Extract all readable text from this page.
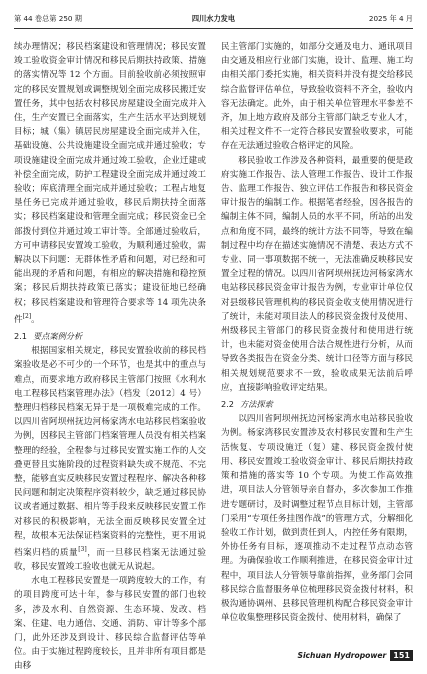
第 44 卷总第 250 期	四川水力发电	2025 年 4 月

续办理情况；移民档案建设和管理情况；移民安置竣工验收资金审计情况和移民后期扶持政策、措施的落实情况等 12 个方面。目前验收前必须按照审定的移民安置规划或调整规划全面完成移民搬迁安置任务，其中包括农村移民房屋建设全面完成并入住，生产安置已全面落实，生产生活水平达到规划目标；城（集）镇居民房屋建设全面完成并入住，基础设施、公共设施建设全面完成并通过验收；专项设施建设全面完成并通过竣工验收，企业迁建或补偿全面完成，防护工程建设全面完成并通过竣工验收；库底清理全面完成并通过验收；工程占地复垦任务已完成并通过验收，移民后期扶持全面落实；移民档案建设和管理全面完成；移民资金已全部拨付到位并通过竣工审计等。全部通过验收后，方可申请移民安置竣工验收，为顺利通过验收，需解决以下问题：无群体性矛盾和问题，对已经和可能出现的矛盾和问题，有相应的解决措施和稳控预案；移民后期扶持政策已落实；建设征地已经确权；移民档案建设和管理符合要求等 14 项先决条件[2]。

2.1 要点案例分析

根据国家相关规定，移民安置验收前的移民档案验收是必不可少的一个环节，也是其中的重点与难点，而要求地方政府移民主管部门按照《水利水电工程移民档案管理办法》（档发〔2012〕4 号）整理归档移民档案无异于是一项极难完成的工作。以四川省阿坝州抚边河杨家湾水电站移民档案验收为例，因移民主管部门档案管理人员没有相关档案整理的经验，全程参与过移民安置实施工作的人交叠更替且实施阶段的过程资料缺失或不规范、不完整，能够直实反映移民安置过程程序、解决各种移民问题和制定决策程序资料较少，缺乏通过移民协议或者通过数据、相片等手段来反映移民安置工作对移民的积极影响，无法全面反映移民安置全过程，故根本无法保证档案资料的完整性，更不用说档案归档的质量[3]，而一旦移民档案无法通过验收，移民安置竣工验收也就无从说起。

水电工程移民安置是一项跨度较大的工作，有的项目跨度可达十年，参与移民安置的部门也较多，涉及水利、自然资源、生态环境、发改、档案、住建、电力通信、交通、消防、审计等多个部门，此外还涉及到设计、移民综合监督评估等单位。由于实施过程跨度较长，且并非所有项目都是由移

民主管部门实施的，如部分交通及电力、通讯项目由交通及相应行业部门实施，设计、监理、施工均由相关部门委托实施，相关资料并没有提交给移民综合监督评估单位，导致验收资料不齐全，验收内容无法确定。此外，由于相关单位管理水平参差不齐，加上地方政府及部分主管部门缺乏专业人才，相关过程文件不一定符合移民安置验收要求，可能存在无法通过验收合格评定的风险。

移民验收工作涉及各种资料，最重要的便是政府实施工作报告、法人管理工作报告、设计工作报告、监理工作报告、独立评估工作报告和移民资金审计报告的编制工作。根据笔者经验，因各报告的编制主体不同，编制人员的水平不同，所站的出发点和角度不同，最终的统计方法不同等，导致在编制过程中均存在描述实施情况不清楚、表达方式不专业、同一事项数据不统一，无法准确反映移民安置全过程的情况。以四川省阿坝州抚边河杨家湾水电站移民移民资金审计报告为例，专业审计单位仅对县级移民管理机构的移民资金收支使用情况进行了统计，未能对项目法人的移民资金拨付及使用、州级移民主管部门的移民资金拨付和使用进行统计，也未能对资金使用合法合规性进行分析，从而导致各类报告在资金分类、统计口径等方面与移民相关规划规范要求不一致，验收成果无法前后呼应，直接影响验收评定结果。

2.2 方法探索

以四川省阿坝州抚边河杨家湾水电站移民验收为例。杨家湾移民安置涉及农村移民安置和生产生活恢复、专项设施迁（复）建、移民资金拨付使用、移民安置竣工验收资金审计、移民后期扶持政策和措施的落实等 10 个专项。为使工作高效推进，项目法人分管领导亲自督办，多次参加工作推进专题研讨，及时调整过程节点目标计划，主管部门采用“专项任务挂图作战”的管理方式，分解细化验收工作计划，做到责任到人，内控任务有限期，外协任务有目标，逐项推动不走过程节点动态管理。为确保验收工作顺利推进，在移民资金审计过程中，项目法人分管领导靠前指挥，业务部门会同移民综合监督服务单位梳理移民资金拨付材料，积极沟通协调州、县移民管理机构配合移民资金审计单位收集整理移民资金拨付、使用材料，确保了

Sichuan Hydropower 151
